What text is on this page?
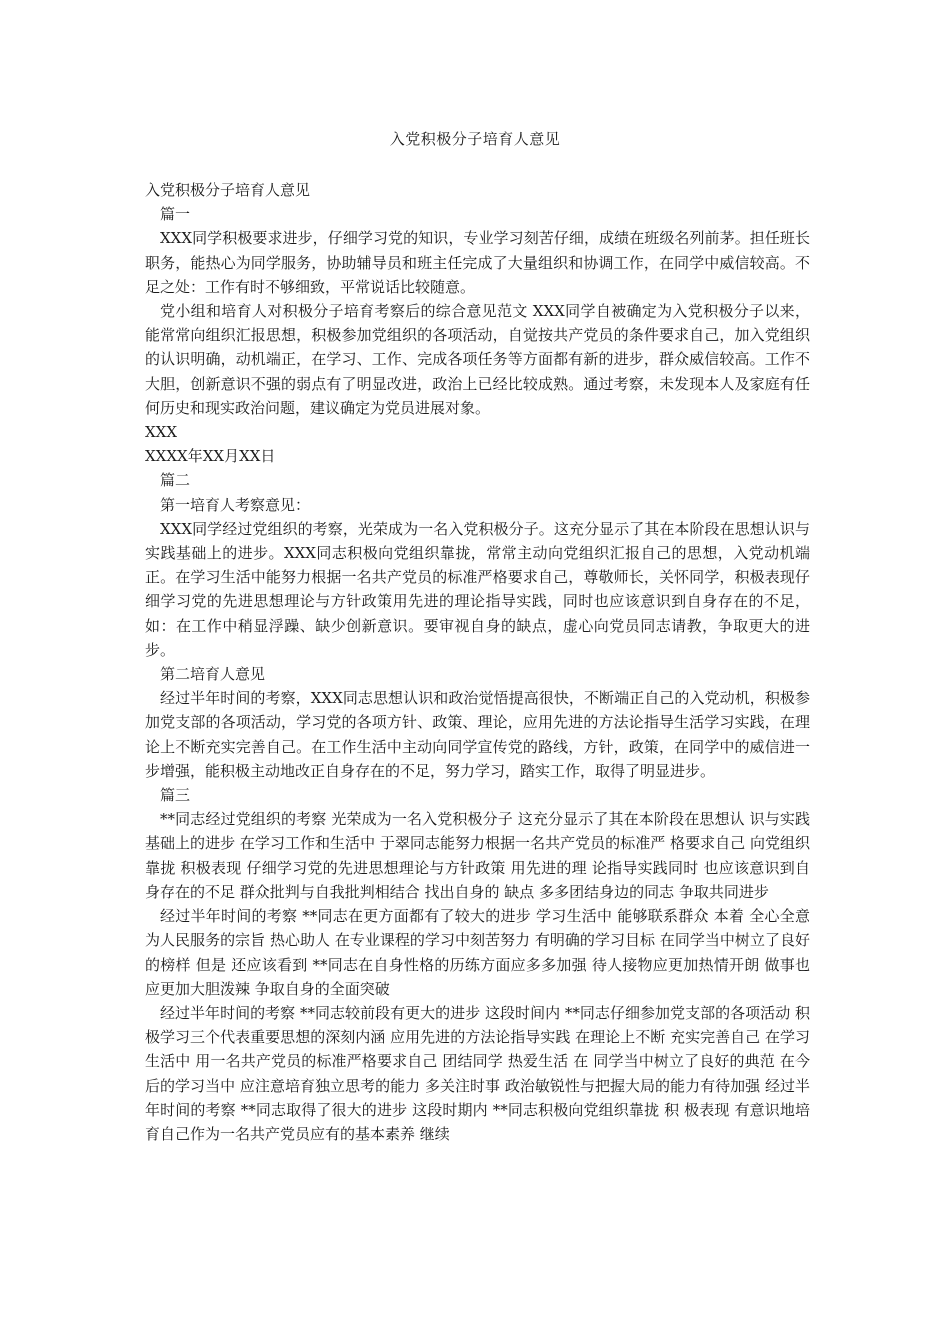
入党积极分子培育人意见

入党积极分子培育人意见

篇一

XXX同学积极要求进步，仔细学习党的知识，专业学习刻苦仔细，成绩在班级名列前茅。担任班长职务，能热心为同学服务，协助辅导员和班主任完成了大量组织和协调工作，在同学中威信较高。不足之处：工作有时不够细致，平常说话比较随意。

党小组和培育人对积极分子培育考察后的综合意见范文 XXX同学自被确定为入党积极分子以来，能常常向组织汇报思想，积极参加党组织的各项活动，自觉按共产党员的条件要求自己，加入党组织的认识明确，动机端正，在学习、工作、完成各项任务等方面都有新的进步，群众威信较高。工作不大胆，创新意识不强的弱点有了明显改进，政治上已经比较成熟。通过考察，未发现本人及家庭有任何历史和现实政治问题，建议确定为党员进展对象。

XXX

XXXX年XX月XX日

篇二

第一培育人考察意见：

XXX同学经过党组织的考察，光荣成为一名入党积极分子。这充分显示了其在本阶段在思想认识与实践基础上的进步。XXX同志积极向党组织靠拢，常常主动向党组织汇报自己的思想，入党动机端正。在学习生活中能努力根据一名共产党员的标准严格要求自己，尊敬师长，关怀同学，积极表现仔细学习党的先进思想理论与方针政策用先进的理论指导实践，同时也应该意识到自身存在的不足，如：在工作中稍显浮躁、缺少创新意识。要审视自身的缺点，虚心向党员同志请教，争取更大的进步。

第二培育人意见

经过半年时间的考察，XXX同志思想认识和政治觉悟提高很快，不断端正自己的入党动机，积极参加党支部的各项活动，学习党的各项方针、政策、理论，应用先进的方法论指导生活学习实践，在理论上不断充实完善自己。在工作生活中主动向同学宣传党的路线，方针，政策，在同学中的威信进一步增强，能积极主动地改正自身存在的不足，努力学习，踏实工作，取得了明显进步。

篇三

**同志经过党组织的考察 光荣成为一名入党积极分子 这充分显示了其在本阶段在思想认 识与实践基础上的进步 在学习工作和生活中 于翠同志能努力根据一名共产党员的标准严 格要求自己 向党组织靠拢 积极表现 仔细学习党的先进思想理论与方针政策 用先进的理 论指导实践同时 也应该意识到自身存在的不足 群众批判与自我批判相结合 找出自身的 缺点 多多团结身边的同志 争取共同进步

经过半年时间的考察 **同志在更方面都有了较大的进步 学习生活中 能够联系群众 本着 全心全意为人民服务的宗旨 热心助人 在专业课程的学习中刻苦努力 有明确的学习目标 在同学当中树立了良好的榜样 但是 还应该看到 **同志在自身性格的历练方面应多多加强 待人接物应更加热情开朗 做事也应更加大胆泼辣 争取自身的全面突破

经过半年时间的考察 **同志较前段有更大的进步 这段时间内 **同志仔细参加党支部的各项活动 积极学习三个代表重要思想的深刻内涵 应用先进的方法论指导实践 在理论上不断 充实完善自己 在学习生活中 用一名共产党员的标准严格要求自己 团结同学 热爱生活 在 同学当中树立了良好的典范 在今后的学习当中 应注意培育独立思考的能力 多关注时事 政治敏锐性与把握大局的能力有待加强 经过半年时间的考察 **同志取得了很大的进步 这段时期内 **同志积极向党组织靠拢 积 极表现 有意识地培育自己作为一名共产党员应有的基本素养 继续
